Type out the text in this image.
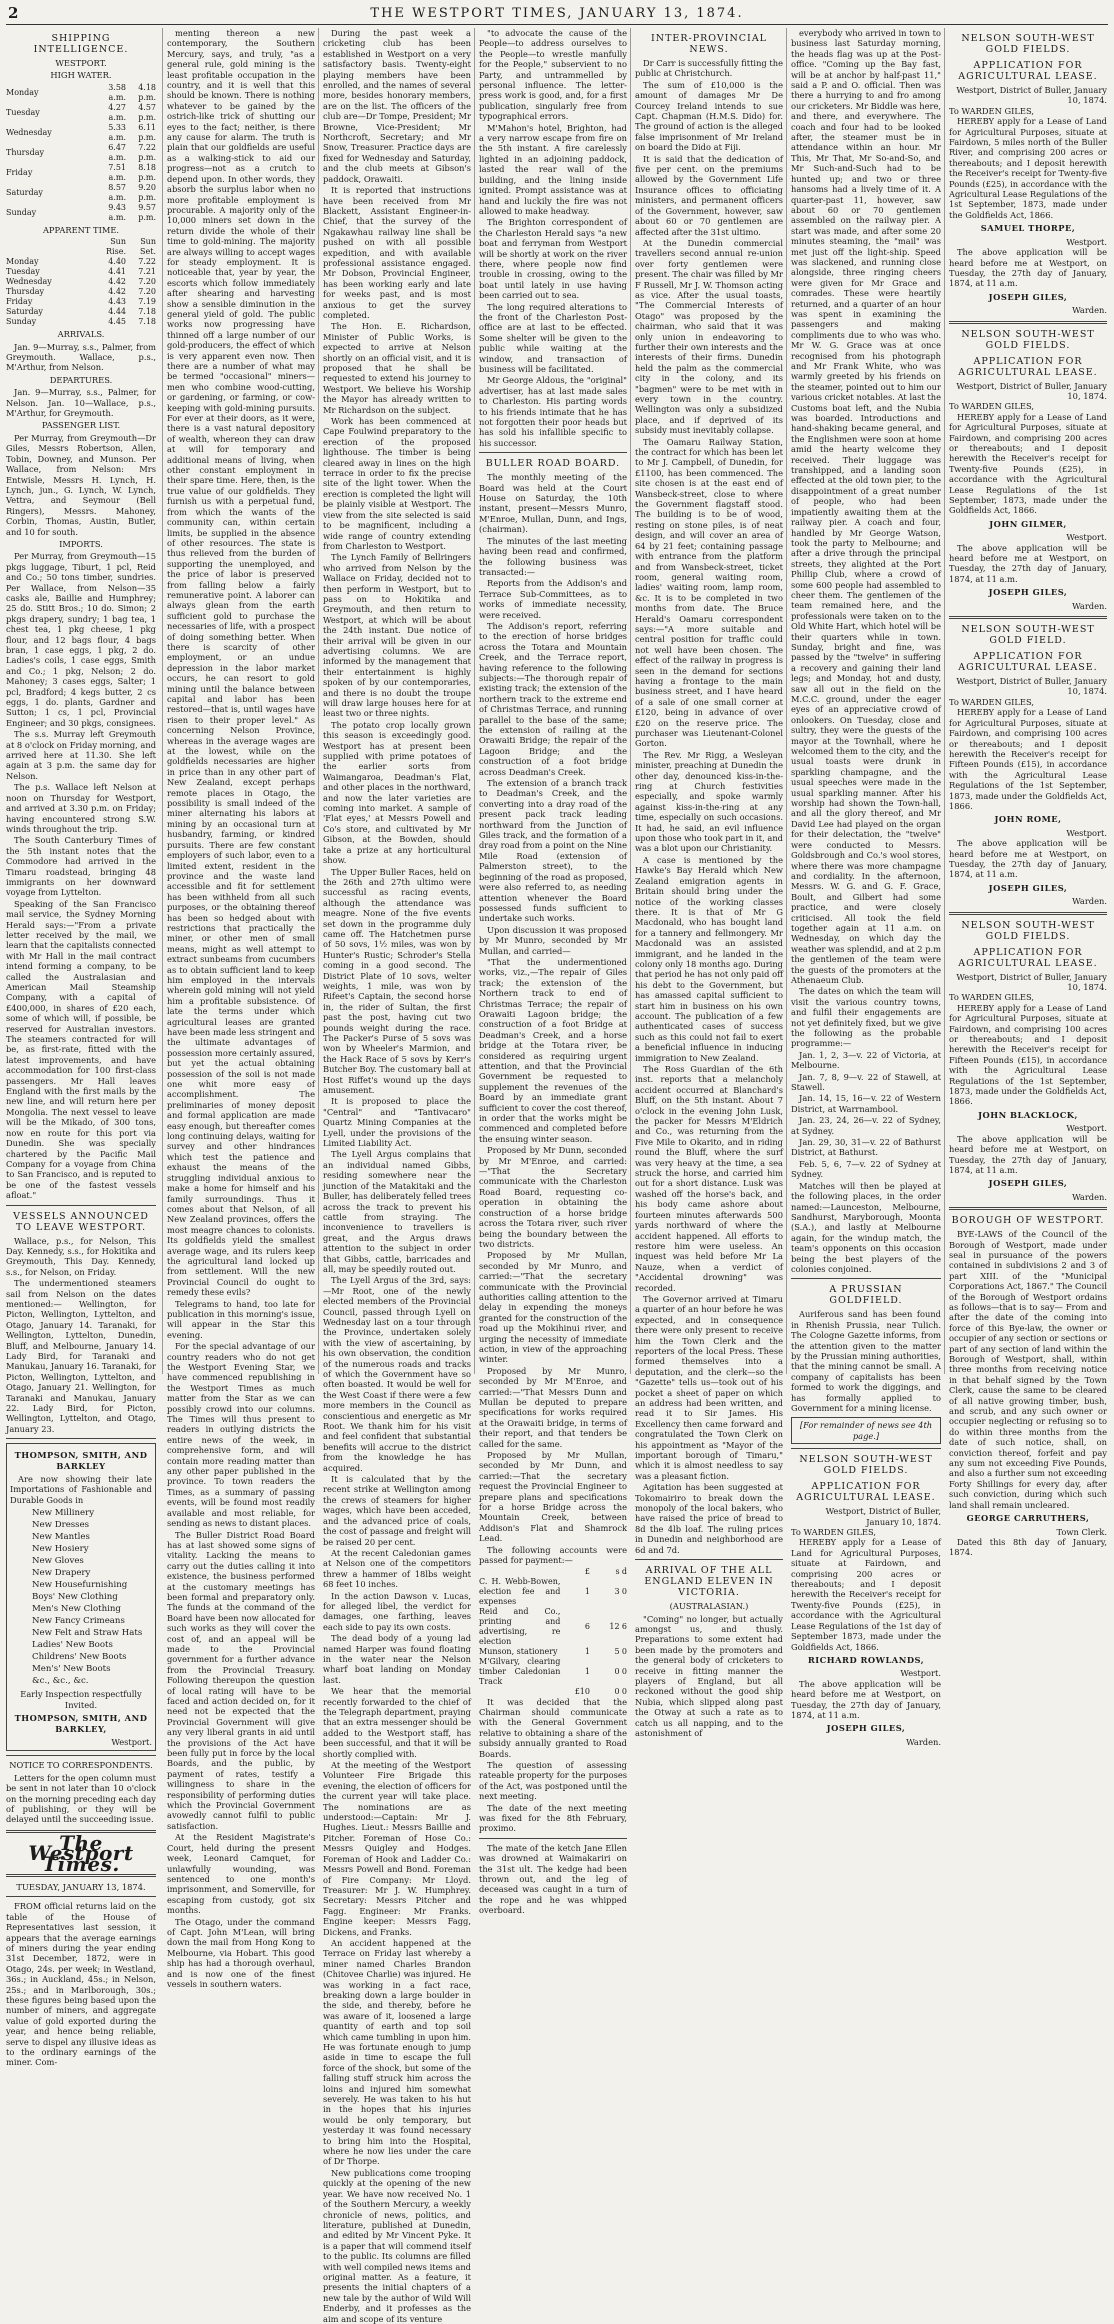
2	THE WESTPORT TIMES, JANUARY 13, 1874.
SHIPPING INTELLIGENCE.
WESTPORT.
HIGH WATER.
Monday	3.58 a.m.	4.18 p.m.
Tuesday	4.27 a.m.	4.57 p.m.
Wednesday	5.33 a.m.	6.11 p.m.
Thursday	6.47 a.m.	7.22 p.m.
Friday	7.51 a.m.	8.18 p.m.
Saturday	8.57 a.m.	9.20 p.m.
Sunday	9.43 a.m.	9.57 p.m.
APPARENT TIME.
	Sun Rise.	Sun Set.
Monday	4.40	7.22
Tuesday	4.41	7.21
Wednesday	4.42	7.20
Thursday	4.42	7.20
Friday	4.43	7.19
Saturday	4.44	7.18
Sunday	4.45	7.18
ARRIVALS.

Jan. 9—Murray, s.s., Palmer, from Greymouth. Wallace, p.s., M'Arthur, from Nelson.

DEPARTURES.

Jan. 9—Murray, s.s., Palmer, for Nelson. Jan. 10—Wallace, p.s., M'Arthur, for Greymouth.

PASSENGER LIST.

Per Murray, from Greymouth—Dr Giles, Messrs Robertson, Allen, Tobin, Downey, and Munson. Per Wallace, from Nelson: Mrs Entwisle, Messrs H. Lynch, H. Lynch, jun., G. Lynch, W. Lynch, Vettra, and Seymour (Bell Ringers), Messrs. Mahoney, Corbin, Thomas, Austin, Butler, and 10 for south.

IMPORTS.

Per Murray, from Greymouth—15 pkgs luggage, Tiburt, 1 pcl, Reid and Co.; 50 tons timber, sundries. Per Wallace, from Nelson—35 casks ale, Baillie and Humphrey; 25 do. Stitt Bros.; 10 do. Simon; 2 pkgs drapery, sundry; 1 bag tea, 1 chest tea, 1 pkg cheese, 1 pkg flour, and 12 bags flour, 4 bags bran, 1 case eggs, 1 pkg, 2 do. Ladies's coils, 1 case eggs, Smith and Co.; 1 pkg, Nelson; 2 do. Mahoney; 3 cases eggs, Salter; 1 pcl, Bradford; 4 kegs butter, 2 cs eggs, 1 do. plants, Gardner and Sutton; 1 cs, 1 pcl, Provincial Engineer; and 30 pkgs, consignees.

The s.s. Murray left Greymouth at 8 o'clock on Friday morning, and arrived here at 11.30. She left again at 3 p.m. the same day for Nelson.

The p.s. Wallace left Nelson at noon on Thursday for Westport, and arrived at 3.30 p.m. on Friday; having encountered strong S.W. winds throughout the trip.

The South Canterbury Times of the 5th instant notes that the Commodore had arrived in the Timaru roadstead, bringing 48 immigrants on her downward voyage from Lyttelton.

Speaking of the San Francisco mail service, the Sydney Morning Herald says:—"From a private letter received by the mail, we learn that the capitalists connected with Mr Hall in the mail contract intend forming a company, to be called the Australasian and American Mail Steamship Company, with a capital of £400,000, in shares of £20 each, some of which will, if possible, be reserved for Australian investors. The steamers contracted for will be, as first-rate, fitted with the latest improvements, and have accommodation for 100 first-class passengers. Mr Hall leaves England with the first mails by the new line, and will return here per Mongolia. The next vessel to leave will be the Mikado, of 300 tons, now en route for this port via Dunedin. She was specially chartered by the Pacific Mail Company for a voyage from China to San Francisco, and is reputed to be one of the fastest vessels afloat."

VESSELS ANNOUNCED TO LEAVE WESTPORT.

Wallace, p.s., for Nelson, This Day. Kennedy, s.s., for Hokitika and Greymouth, This Day. Kennedy, s.s., for Nelson, on Friday.

The undermentioned steamers sail from Nelson on the dates mentioned:— Wellington, for Picton, Wellington, Lyttelton, and Otago, January 14. Taranaki, for Wellington, Lyttelton, Dunedin, Bluff, and Melbourne, January 14. Lady Bird, for Taranaki and Manukau, January 16. Taranaki, for Picton, Wellington, Lyttelton, and Otago, January 21. Wellington, for Taranaki and Manukau, January 22. Lady Bird, for Picton, Wellington, Lyttelton, and Otago, January 23.

THOMPSON, SMITH, AND BARKLEY

Are now showing their late Importations of Fashionable and Durable Goods in

New Millinery
New Dresses
New Mantles
New Hosiery
New Gloves
New Drapery
New Housefurnishing
Boys' New Clothing
Men's New Clothing
New Fancy Crimeans
New Felt and Straw Hats
Ladies' New Boots
Childrens' New Boots
Men's' New Boots
&c., &c., &c.

Early Inspection respectfully Invited.

THOMPSON, SMITH, AND BARKLEY,
Westport.
NOTICE TO CORRESPONDENTS.

Letters for the open column must be sent in not later than 10 o'clock on the morning preceding each day of publishing, or they will be delayed until the succeeding issue.

The Westport Times.
TUESDAY, JANUARY 13, 1874.

FROM official returns laid on the table of the House of Representatives last session, it appears that the average earnings of miners during the year ending 31st December, 1872, were in Otago, 24s. per week; in Westland, 36s.; in Auckland, 45s.; in Nelson, 25s.; and in Marlborough, 30s.; these figures being based upon the number of miners, and aggregate value of gold exported during the year, and hence being reliable, serve to dispel any illusive ideas as to the ordinary earnings of the miner. Com-

menting thereon a new contemporary, the Southern Mercury, says, and truly, "as a general rule, gold mining is the least profitable occupation in the country, and it is well that this should be known. There is nothing whatever to be gained by the ostrich-like trick of shutting our eyes to the fact; neither, is there any cause for alarm. The truth is plain that our goldfields are useful as a walking-stick to aid our progress—not as a crutch to depend upon. In other words, they absorb the surplus labor when no more profitable employment is procurable. A majority only of the 10,000 miners set down in the return divide the whole of their time to gold-mining. The majority are always willing to accept wages for steady employment. It is noticeable that, year by year, the escorts which follow immediately after shearing and harvesting show a sensible diminution in the general yield of gold. The public works now progressing have thinned off a large number of our gold-producers, the effect of which is very apparent even now. Then there are a number of what may be termed "occasional" miners—men who combine wood-cutting, or gardening, or farming, or cow-keeping with gold-mining pursuits. For ever at their doors, as it were, there is a vast natural depository of wealth, whereon they can draw at will for temporary and additional means of living, when other constant employment in their spare time. Here, then, is the true value of our goldfields. They furnish us with a perpetual fund, from which the wants of the community can, within certain limits, be supplied in the absence of other resources. The state is thus relieved from the burden of supporting the unemployed, and the price of labor is preserved from falling below a fairly remunerative point. A laborer can always glean from the earth sufficient gold to purchase the necessaries of life, with a prospect of doing something better. When there is scarcity of other employment, or an undue depression in the labor market occurs, he can resort to gold mining until the balance between capital and labor has been restored—that is, until wages have risen to their proper level." As concerning Nelson Province, whereas in the average wages are at the lowest, while on the goldfields necessaries are higher in price than in any other part of New Zealand, except perhaps remote places in Otago, the possibility is small indeed of the miner alternating his labors at mining by an occasional turn at husbandry, farming, or kindred pursuits. There are few constant employers of such labor, even to a limited extent, resident in the province and the waste land accessible and fit for settlement has been withheld from all such purposes, or the obtaining thereof has been so hedged about with restrictions that practically the miner, or other men of small means, might as well attempt to extract sunbeams from cucumbers as to obtain sufficient land to keep him employed in the intervals wherein gold mining will not yield him a profitable subsistence. Of late the terms under which agricultural leases are granted have been made less stringent and the ultimate advantages of possession more certainly assured, but yet the actual obtaining possession of the soil is not made one whit more easy of accomplishment. The preliminaries of money deposit and formal application are made easy enough, but thereafter comes long continuing delays, waiting for survey and other hindrances which test the patience and exhaust the means of the struggling individual anxious to make a home for himself and his family surroundings. Thus it comes about that Nelson, of all New Zealand provinces, offers the most meagre chances to colonists. Its goldfields yield the smallest average wage, and its rulers keep the agricultural land locked up from settlement. Will the new Provincial Council do ought to remedy these evils?

Telegrams to hand, too late for publication in this morning's issue, will appear in the Star this evening.

For the special advantage of our country readers who do not get the Westport Evening Star, we have commenced republishing in the Westport Times as much matter from the Star as we can possibly crowd into our columns. The Times will thus present to readers in outlying districts the entire news of the week, in comprehensive form, and will contain more reading matter than any other paper published in the province. To town readers the Times, as a summary of passing events, will be found most readily available and most reliable, for sending as news to distant places.

The Buller District Road Board has at last showed some signs of vitality. Lacking the means to carry out the duties calling it into existence, the business performed at the customary meetings has been formal and preparatory only. The funds at the command of the Board have been now allocated for such works as they will cover the cost of, and an appeal will be made to the Provincial government for a further advance from the Provincial Treasury. Following thereupon the question of local rating will have to be faced and action decided on, for it need not be expected that the Provincial Government will give any very liberal grants in aid until the provisions of the Act have been fully put in force by the local Boards, and the public, by payment of rates, testify a willingness to share in the responsibility of performing duties which the Provincial Government avowedly cannot fulfil to public satisfaction.

At the Resident Magistrate's Court, held during the present week, Leonard Camquet, for unlawfully wounding, was sentenced to one month's imprisonment, and Somerville, for escaping from custody, got six months.

The Otago, under the command of Capt. John M'Lean, will bring down the mail from Hong Kong to Melbourne, via Hobart. This good ship has had a thorough overhaul, and is now one of the finest vessels in southern waters.

During the past week a cricketing club has been established in Westport on a very satisfactory basis. Twenty-eight playing members have been enrolled, and the names of several more, besides honorary members, are on the list. The officers of the club are—Dr Tompe, President; Mr Browne, Vice-President; Mr Northcroft, Secretary; and Mr Snow, Treasurer. Practice days are fixed for Wednesday and Saturday, and the club meets at Gibson's paddock, Orawaiti.

It is reported that instructions have been received from Mr Blackett, Assistant Engineer-in-Chief, that the survey of the Ngakawhau railway line shall be pushed on with all possible expedition, and with available professional assistance engaged. Mr Dobson, Provincial Engineer, has been working early and late for weeks past, and is most anxious to get the survey completed.

The Hon. E. Richardson, Minister of Public Works, is expected to arrive at Nelson shortly on an official visit, and it is proposed that he shall be requested to extend his journey to Westport. We believe his Worship the Mayor has already written to Mr Richardson on the subject.

Work has been commenced at Cape Foulwind preparatory to the erection of the proposed lighthouse. The timber is being cleared away in lines on the high terrace in order to fix the precise site of the light tower. When the erection is completed the light will be plainly visible at Westport. The view from the site selected is said to be magnificent, including a wide range of country extending from Charleston to Westport.

The Lynch Family of Bellringers who arrived from Nelson by the Wallace on Friday, decided not to then perform in Westport, but to pass on to Hokitika and Greymouth, and then return to Westport, at which will be about the 24th instant. Due notice of their arrival will be given in our advertising columns. We are informed by the management that their entertainment is highly spoken of by our contemporaries, and there is no doubt the troupe will draw large houses here for at least two or three nights.

The potato crop locally grown this season is exceedingly good. Westport has at present been supplied with prime potatoes of the earlier sorts from Waimangaroa, Deadman's Flat, and other places in the northward, and now the later varieties are coming into market. A sample of 'Flat eyes,' at Messrs Powell and Co's store, and cultivated by Mr Gibson, at the Bowden, should take a prize at any horticultural show.

The Upper Buller Races, held on the 26th and 27th ultimo were successful as racing events, although the attendance was meagre. None of the five events set down in the programme duly came off. The Hatchetmen purse of 50 sovs, 1½ miles, was won by Hunter's Rustic; Schroder's Stella coming in a good second. The District Plate of 10 sovs, welter weights, 1 mile, was won by Rifeet's Captain, the second horse in, the rider of Sultan, the first past the post, having cut two pounds weight during the race. The Packer's Purse of 5 sovs was won by Wheeler's Marmion, and the Hack Race of 5 sovs by Kerr's Butcher Boy. The customary ball at Host Riffet's wound up the days amusement.

It is proposed to place the "Central" and "Tantivacaro" Quartz Mining Companies at the Lyell, under the provisions of the Limited Liability Act.

The Lyell Argus complains that an individual named Gibbs, residing somewhere near the junction of the Matakitaki and the Buller, has deliberately felled trees across the track to prevent his cattle from straying. The inconvenience to travellers is great, and the Argus draws attention to the subject in order that Gibbs, cattle, barricades and all, may be speedily routed out.

The Lyell Argus of the 3rd, says:—Mr Root, one of the newly elected members of the Provincial Council, passed through Lyell on Wednesday last on a tour through the Province, undertaken solely with the view of ascertaining, by his own observation, the condition of the numerous roads and tracks of which the Government have so often boasted. It would be well for the West Coast if there were a few more members in the Council as conscientious and energetic as Mr Root. We thank him for his visit and feel confident that substantial benefits will accrue to the district from the knowledge he has acquired.

It is calculated that by the recent strike at Wellington among the crews of steamers for higher wages, which have been acceded, and the advanced price of coals, the cost of passage and freight will be raised 20 per cent.

At the recent Caledonian games at Nelson one of the competitors threw a hammer of 18lbs weight 68 feet 10 inches.

In the action Dawson v. Lucas, for alleged libel, the verdict for damages, one farthing, leaves each side to pay its own costs.

The dead body of a young lad named Harper was found floating in the water near the Nelson wharf boat landing on Monday last.

We hear that the memorial recently forwarded to the chief of the Telegraph department, praying that an extra messenger should be added to the Westport staff, has been successful, and that it will be shortly complied with.

At the meeting of the Westport Volunteer Fire Brigade this evening, the election of officers for the current year will take place. The nominations are as understood:—Captain: Mr J. Hughes. Lieut.: Messrs Baillie and Pitcher. Foreman of Hose Co.: Messrs Quigley and Hodges. Foreman of Hook and Ladder Co.: Messrs Powell and Bond. Foreman of Fire Company: Mr Lloyd. Treasurer: Mr J. W. Humphrey. Secretary: Messrs Pitcher and Fagg. Engineer: Mr Franks. Engine keeper: Messrs Fagg, Dickens, and Franks.

An accident happened at the Terrace on Friday last whereby a miner named Charles Brandon (Chitovee Charlie) was injured. He was working in a fact race, breaking down a large boulder in the side, and thereby, before he was aware of it, loosened a large quantity of earth and top soil which came tumbling in upon him. He was fortunate enough to jump aside in time to escape the full force of the shock, but some of the falling stuff struck him across the loins and injured him somewhat severely. He was taken to his hut in the hopes that his injuries would be only temporary, but yesterday it was found necessary to bring him into the Hospital, where he now lies under the care of Dr Thorpe.

New publications come trooping quickly at the opening of the new year. We have now received No. 1 of the Southern Mercury, a weekly chronicle of news, politics, and literature, published at Dunedin, and edited by Mr Vincent Pyke. It is a paper that will commend itself to the public. Its columns are filled with well compiled news items and original matter. As a feature, it presents the initial chapters of a new tale by the author of Wild Will Enderby, and it professes as the aim and scope of its venture

"to advocate the cause of the People—to address ourselves to the People—to wrestle manfully for the People," subservient to no Party, and untrammelled by personal influence. The letter-press work is good, and, for a first publication, singularly free from typographical errors.

M'Mahon's hotel, Brighton, had a very narrow escape from fire on the 5th instant. A fire carelessly lighted in an adjoining paddock, lasted the rear wall of the building, and the lining inside ignited. Prompt assistance was at hand and luckily the fire was not allowed to make headway.

The Brighton correspondent of the Charleston Herald says "a new boat and ferryman from Westport will be shortly at work on the river there, where people now find trouble in crossing, owing to the boat until lately in use having been carried out to sea.

The long required alterations to the front of the Charleston Post-office are at last to be effected. Some shelter will be given to the public while waiting at the window, and transaction of business will be facilitated.

Mr George Aldous, the "original" advertiser, has at last made sales to Charleston. His parting words to his friends intimate that he has not forgotten their poor heads but has sold his infallible specific to his successor.

BULLER ROAD BOARD.

The monthly meeting of the Board was held at the Court House on Saturday, the 10th instant, present—Messrs Munro, M'Enroe, Mullan, Dunn, and Ings, (chairman).

The minutes of the last meeting having been read and confirmed, the following business was transacted:—

Reports from the Addison's and Terrace Sub-Committees, as to works of immediate necessity, were received.

The Addison's report, referring to the erection of horse bridges across the Totara and Mountain Creek, and the Terrace report, having reference to the following subjects:—The thorough repair of existing track; the extension of the northern track to the extreme end of Christmas Terrace, and running parallel to the base of the same; the extension of railing at the Orawaiti Bridge; the repair of the Lagoon Bridge; and the construction of a foot bridge across Deadman's Creek.

The extension of a branch track to Deadman's Creek, and the converting into a dray road of the present pack track leading northward from the Junction of Giles track, and the formation of a dray road from a point on the Nine Mile Road (extension of Palmerston street), to the beginning of the road as proposed, were also referred to, as needing attention whenever the Board possessed funds sufficient to undertake such works.

Upon discussion it was proposed by Mr Munro, seconded by Mr Mullan, and carried—

"That the undermentioned works, viz.,—The repair of Giles track; the extension of the Northern track to end of Christmas Terrace; the repair of Orawaiti Lagoon bridge; the construction of a foot Bridge at Deadman's Creek, and a horse bridge at the Totara river, be considered as requiring urgent attention, and that the Provincial Government be requested to supplement the revenues of the Board by an immediate grant sufficient to cover the cost thereof, in order that the works might be commenced and completed before the ensuing winter season.

Proposed by Mr Dunn, seconded by Mr M'Enroe, and carried:—"That the Secretary communicate with the Charleston Road Board, requesting co-operation in obtaining the construction of a horse bridge across the Totara river, such river being the boundary between the two districts.

Proposed by Mr Mullan, seconded by Mr Munro, and carried:—"That the secretary communicate with the Provincial authorities calling attention to the delay in expending the moneys granted for the construction of the road up the Mokihinui river, and urging the necessity of immediate action, in view of the approaching winter.

Proposed by Mr Munro, seconded by Mr M'Enroe, and carried:—"That Messrs Dunn and Mullan be deputed to prepare specifications for works required at the Orawaiti bridge, in terms of their report, and that tenders be called for the same.

Proposed by Mr Mullan, seconded by Mr Dunn, and carried:—That the secretary request the Provincial Engineer to prepare plans and specifications for a horse Bridge across the Mountain Creek, between Addison's Flat and Shamrock Lead.

The following accounts were passed for payment:—

	£	s	d
C. H. Webb-Bowen, election fee and expenses	1	3	0
Reid and Co., printing and advertising, re election	6	12	6
Munson, stationery	1	5	0
M'Gilvary, clearing timber Caledonian Track	1	0	0
	£10	0	0

It was decided that the Chairman should communicate with the General Government relative to obtaining a share of the subsidy annually granted to Road Boards.

The question of assessing rateable property for the purposes of the Act, was postponed until the next meeting.

The date of the next meeting was fixed for the 8th February, proximo.

The mate of the ketch Jane Ellen was drowned at Waimakariri on the 31st ult. The kedge had been thrown out, and the leg of deceased was caught in a turn of the rope and he was whipped overboard.

INTER-PROVINCIAL NEWS.

Dr Carr is successfully fitting the public at Christchurch.

The sum of £10,000 is the amount of damages Mr De Courcey Ireland intends to sue Capt. Chapman (H.M.S. Dido) for. The ground of action is the alleged false imprisonment of Mr Ireland on board the Dido at Fiji.

It is said that the dedication of five per cent. on the premiums allowed by the Government Life Insurance offices to officiating ministers, and permanent officers of the Government, however, saw about 60 or 70 gentlemen are affected after the 31st ultimo.

At the Dunedin commercial travellers second annual re-union over forty gentlemen were present. The chair was filled by Mr F Russell, Mr J. W. Thomson acting as vice. After the usual toasts, "The Commercial Interests of Otago" was proposed by the chairman, who said that it was only union in endeavoring to further their own interests and the interests of their firms. Dunedin held the palm as the commercial city in the colony, and its "bagmen" were to be met with in every town in the country. Wellington was only a subsidized place, and if deprived of its subsidy must inevitably collapse.

The Oamaru Railway Station, the contract for which has been let to Mr J. Campbell, of Dunedin, for £1100, has been commenced. The site chosen is at the east end of Wansbeck-street, close to where the Government flagstaff stood. The building is to be of wood, resting on stone piles, is of neat design, and will cover an area of 64 by 21 feet; containing passage with entrance from the platform and from Wansbeck-street, ticket room, general waiting room, ladies' waiting room, lamp room, &c. It is to be completed in two months from date. The Bruce Herald's Oamaru correspondent says:—"A more suitable and central position for traffic could not well have been chosen. The effect of the railway in progress is seen in the demand for sections having a frontage to the main business street, and I have heard of a sale of one small corner at £120, being in advance of over £20 on the reserve price. The purchaser was Lieutenant-Colonel Gorton.

The Rev. Mr Rigg, a Wesleyan minister, preaching at Dunedin the other day, denounced kiss-in-the-ring at Church festivities especially, and spoke warmly against kiss-in-the-ring at any time, especially on such occasions. It had, he said, an evil influence upon those who took part in it, and was a blot upon our Christianity.

A case is mentioned by the Hawke's Bay Herald which New Zealand emigration agents in Britain should bring under the notice of the working classes there. It is that of Mr G Macdonald, who has bought land for a tannery and fellmongery. Mr Macdonald was an assisted immigrant, and he landed in the colony only 18 months ago. During that period he has not only paid off his debt to the Government, but has amassed capital sufficient to start him in business on his own account. The publication of a few authenticated cases of success such as this could not fail to exert a beneficial influence in inducing immigration to New Zealand.

The Ross Guardian of the 6th inst. reports that a melancholy accident occurred at Blanchard's Bluff, on the 5th instant. About 7 o'clock in the evening John Lusk, the packer for Messrs M'Eldrich and Co., was returning from the Five Mile to Okarito, and in riding round the Bluff, where the surf was very heavy at the time, a sea struck the horse, and carried him out for a short distance. Lusk was washed off the horse's back, and his body came ashore about fourteen minutes afterwards 500 yards northward of where the accident happened. All efforts to restore him were useless. An inquest was held before Mr La Nauze, when a verdict of "Accidental drowning" was recorded.

The Governor arrived at Timaru a quarter of an hour before he was expected, and in consequence there were only present to receive him the Town Clerk and the reporters of the local Press. These formed themselves into a deputation, and the clerk—so the "Gazette" tells us—took out of his pocket a sheet of paper on which an address had been written, and read it to Sir James. His Excellency then came forward and congratulated the Town Clerk on his appointment as "Mayor of the important borough of Timaru," which it is almost needless to say was a pleasant fiction.

Agitation has been suggested at Tokomairiro to break down the monopoly of the local bakers, who have raised the price of bread to 8d the 4lb loaf. The ruling prices in Dunedin and neighborhood are 6d and 7d.

ARRIVAL OF THE ALL ENGLAND ELEVEN IN VICTORIA.
(AUSTRALASIAN.)

"Coming" no longer, but actually amongst us, and thusly. Preparations to some extent had been made by the promoters and the general body of cricketers to receive in fitting manner the players of England, but all reckoned without the good ship Nubia, which slipped along past the Otway at such a rate as to catch us all napping, and to the astonishment of

everybody who arrived in town to business last Saturday morning, the heads flag was up at the Post-office. "Coming up the Bay fast, will be at anchor by half-past 11," said a P. and O. official. Then was there a hurrying to and fro among our cricketers. Mr Biddle was here, and there, and everywhere. The coach and four had to be looked after, the steamer must be in attendance within an hour. Mr This, Mr That, Mr So-and-So, and Mr Such-and-Such had to be hunted up; and two or three hansoms had a lively time of it. A quarter-past 11, however, saw about 60 or 70 gentlemen assembled on the railway pier. A start was made, and after some 20 minutes steaming, the "mail" was met just off the light-ship. Speed was slackened, and running close alongside, three ringing cheers were given for Mr Grace and comrades. These were heartily returned, and a quarter of an hour was spent in examining the passengers and making compliments due to who was who. Mr W. G. Grace was at once recognised from his photograph and Mr Frank White, who was warmly greeted by his friends on the steamer, pointed out to him our various cricket notables. At last the Customs boat left, and the Nubia was boarded. Introductions and hand-shaking became general, and the Englishmen were soon at home amid the hearty welcome they received. Their luggage was transhipped, and a landing soon effected at the old town pier, to the disappointment of a great number of people, who had been impatiently awaiting them at the railway pier. A coach and four, handled by Mr George Watson, took the party to Melbourne; and after a drive through the principal streets, they alighted at the Port Phillip Club, where a crowd of some 600 people had assembled to cheer them. The gentlemen of the team remained here, and the professionals were taken on to the Old White Hart, which hotel will be their quarters while in town. Sunday, bright and fine, was passed by the "twelve" in suffering a recovery and gaining their land legs; and Monday, hot and dusty, saw all out in the field on the M.C.C. ground, under the eager eyes of an appreciative crowd of onlookers. On Tuesday, close and sultry, they were the guests of the mayor at the Townhall, where he welcomed them to the city, and the usual toasts were drunk in sparkling champagne, and the usual speeches were made in the usual sparkling manner. After his worship had shown the Town-hall, and all the glory thereof, and Mr David Lee had played on the organ for their delectation, the "twelve" were conducted to Messrs. Goldsbrough and Co.'s wool stores, where there was more champagne and cordiality. In the afternoon, Messrs. W. G. and G. F. Grace, Boult, and Gilbert had some practice, and were closely criticised. All took the field together again at 11 a.m. on Wednesday, on which day the weather was splendid, and at 2 p.m the gentlemen of the team were the guests of the promoters at the Athenaeum Club.

The dates on which the team will visit the various country towns, and fulfil their engagements are not yet definitely fixed, but we give the following as the probable programme:—

Jan. 1, 2, 3—v. 22 of Victoria, at Melbourne.

Jan. 7, 8, 9—v. 22 of Stawell, at Stawell.

Jan. 14, 15, 16—v. 22 of Western District, at Warrnambool.

Jan. 23, 24, 26—v. 22 of Sydney, at Sydney.

Jan. 29, 30, 31—v. 22 of Bathurst District, at Bathurst.

Feb. 5, 6, 7—v. 22 of Sydney at Sydney.

Matches will then be played at the following places, in the order named:—Launceston, Melbourne, Sandhurst, Maryborough, Moonta (S.A.), and lastly at Melbourne again, for the windup match, the team's opponents on this occasion being the best players of the colonies conjoined.

A PRUSSIAN GOLDFIELD.

Auriferous sand has been found in Rhenish Prussia, near Tulich. The Cologne Gazette informs, from the attention given to the matter by the Prussian mining authorities, that the mining cannot be small. A company of capitalists has been formed to work the diggings, and has formally applied to Government for a mining license.

[For remainder of news see 4th page.]
NELSON SOUTH-WEST GOLD FIELDS.
APPLICATION FOR AGRICULTURAL LEASE.
Westport, District of Buller, January 10, 1874.
To WARDEN GILES,

HEREBY apply for a Lease of Land for Agricultural Purposes, situate at Fairdown, and comprising 200 acres or thereabouts; and I deposit herewith the Receiver's receipt for Twenty-five Pounds (£25), in accordance with the Agricultural Lease Regulations of the 1st day of September 1873, made under the Goldfields Act, 1866.

RICHARD ROWLANDS,
Westport.

The above application will be heard before me at Westport, on Tuesday, the 27th day of January, 1874, at 11 a.m.

JOSEPH GILES,
Warden.
NELSON SOUTH-WEST GOLD FIELDS.
APPLICATION FOR AGRICULTURAL LEASE.
Westport, District of Buller, January 10, 1874.
To WARDEN GILES,

HEREBY apply for a Lease of Land for Agricultural Purposes, situate at Fairdown, 5 miles north of the Buller River, and comprising 200 acres or thereabouts; and I deposit herewith the Receiver's receipt for Twenty-five Pounds (£25), in accordance with the Agricultural Lease Regulations of the 1st September, 1873, made under the Goldfields Act, 1866.

SAMUEL THORPE,
Westport.

The above application will be heard before me at Westport, on Tuesday, the 27th day of January, 1874, at 11 a.m.

JOSEPH GILES,
Warden.
NELSON SOUTH-WEST GOLD FIELDS.
APPLICATION FOR AGRICULTURAL LEASE.
Westport, District of Buller, January 10, 1874.
To WARDEN GILES,

HEREBY apply for a Lease of Land for Agricultural Purposes, situate at Fairdown, and comprising 200 acres or thereabouts; and I deposit herewith the Receiver's receipt for Twenty-five Pounds (£25), in accordance with the Agricultural Lease Regulations of the 1st September, 1873, made under the Goldfields Act, 1866.

JOHN GILMER,
Westport.

The above application will be heard before me at Westport, on Tuesday, the 27th day of January, 1874, at 11 a.m.

JOSEPH GILES,
Warden.
NELSON SOUTH-WEST GOLD FIELD.
APPLICATION FOR AGRICULTURAL LEASE.
Westport, District of Buller, January 10, 1874.
To WARDEN GILES,

HEREBY apply for a Lease of Land for Agricultural Purposes, situate at Fairdown, and comprising 100 acres or thereabouts; and I deposit herewith the Receiver's receipt for Fifteen Pounds (£15), in accordance with the Agricultural Lease Regulations of the 1st September, 1873, made under the Goldfields Act, 1866.

JOHN ROME,
Westport.

The above application will be heard before me at Westport, on Tuesday, the 27th day of January, 1874, at 11 a.m.

JOSEPH GILES,
Warden.
NELSON SOUTH-WEST GOLD FIELDS.
APPLICATION FOR AGRICULTURAL LEASE.
Westport, District of Buller, January 10, 1874.
To WARDEN GILES,

HEREBY apply for a Lease of Land for Agricultural Purposes, situate at Fairdown, and comprising 100 acres or thereabouts; and I deposit herewith the Receiver's receipt for Fifteen Pounds (£15), in accordance with the Agricultural Lease Regulations of the 1st September, 1873, made under the Goldfields Act, 1866.

JOHN BLACKLOCK,
Westport.

The above application will be heard before me at Westport, on Tuesday, the 27th day of January, 1874, at 11 a.m.

JOSEPH GILES,
Warden.
BOROUGH OF WESTPORT.

BYE-LAWS of the Council of the Borough of Westport, made under seal in pursuance of the powers contained in subdivisions 2 and 3 of part XIII. of the "Municipal Corporations Act, 1867." The Council of the Borough of Westport ordains as follows—that is to say— From and after the date of the coming into force of this Bye-law, the owner or occupier of any section or sections or part of any section of land within the Borough of Westport, shall, within three months from receiving notice in that behalf signed by the Town Clerk, cause the same to be cleared of all native growing timber, bush, and scrub, and any such owner or occupier neglecting or refusing so to do within three months from the date of such notice, shall, on conviction thereof, forfeit and pay any sum not exceeding Five Pounds, and also a further sum not exceeding Forty Shillings for every day, after such conviction, during which such land shall remain uncleared.

GEORGE CARRUTHERS,
Town Clerk.

Dated this 8th day of January, 1874.
